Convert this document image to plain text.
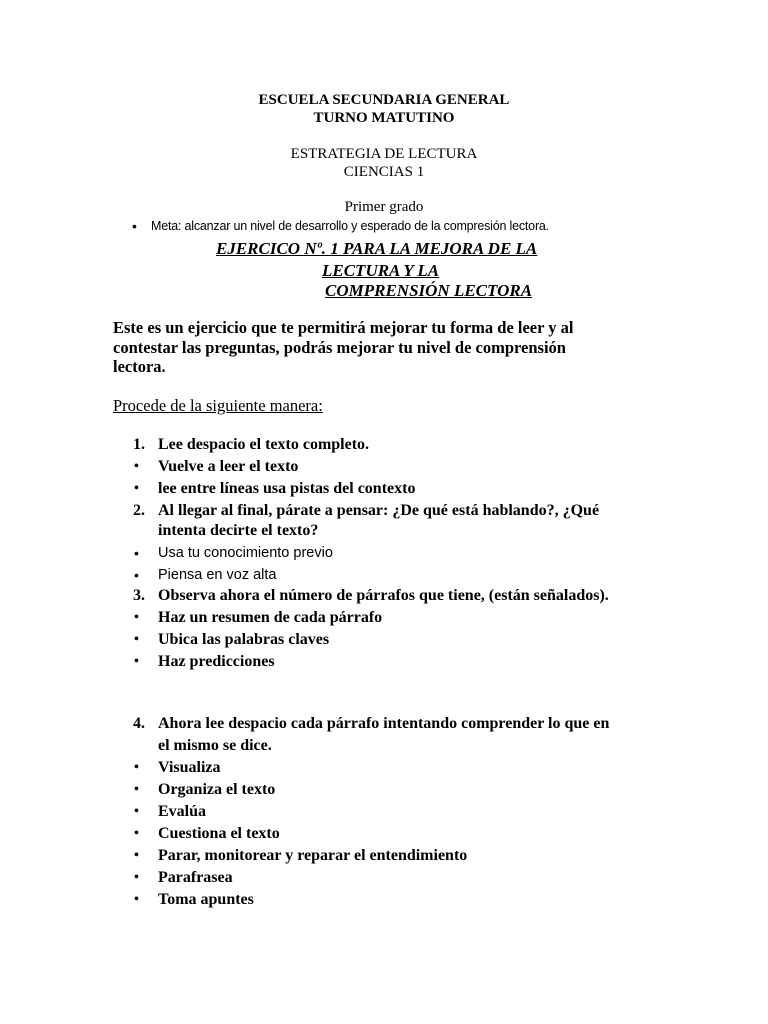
ESCUELA SECUNDARIA GENERAL
TURNO MATUTINO
ESTRATEGIA DE LECTURA
CIENCIAS 1
Primer grado
• Meta: alcanzar un nivel de desarrollo y esperado de la compresión lectora.
EJERCICO Nº. 1 PARA LA MEJORA DE LA
LECTURA Y LA
COMPRENSIÓN LECTORA
Este es un ejercicio que te permitirá mejorar tu forma de leer y al
contestar las preguntas, podrás mejorar tu nivel de comprensión
lectora.
Procede de la siguiente manera:
1. Lee despacio el texto completo.
• Vuelve a leer el texto
• lee entre líneas usa pistas del contexto
2. Al llegar al final, párate a pensar: ¿De qué está hablando?, ¿Qué
intenta decirte el texto?
• Usa tu conocimiento previo
• Piensa en voz alta
3. Observa ahora el número de párrafos que tiene, (están señalados).
• Haz un resumen de cada párrafo
• Ubica las palabras claves
• Haz predicciones
4. Ahora lee despacio cada párrafo intentando comprender lo que en
el mismo se dice.
• Visualiza
• Organiza el texto
• Evalúa
• Cuestiona el texto
• Parar, monitorear y reparar el entendimiento
• Parafrasea
• Toma apuntes
